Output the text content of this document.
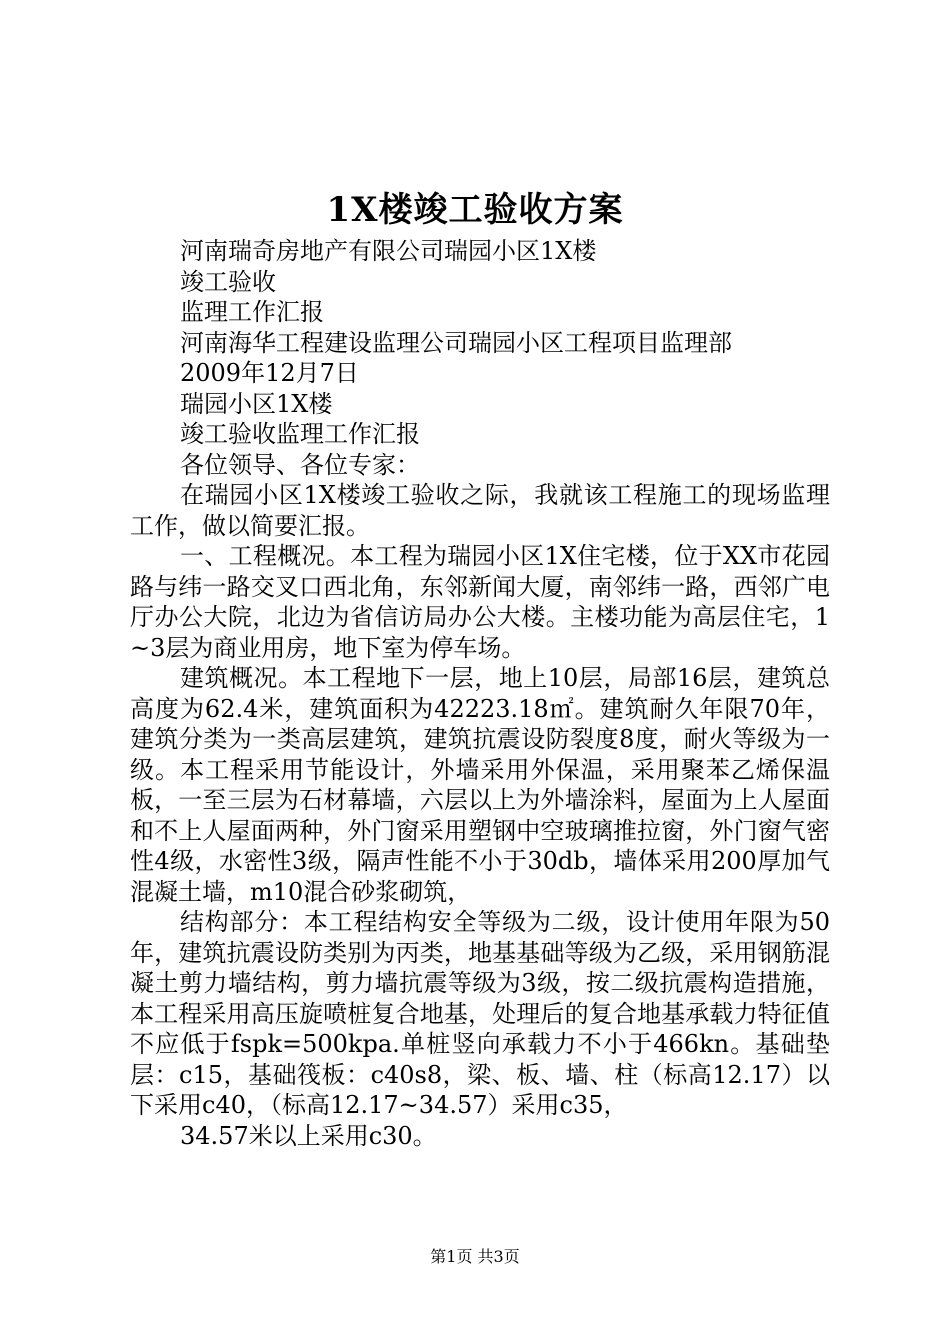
1X楼竣工验收方案

河南瑞奇房地产有限公司瑞园小区1X楼

竣工验收

监理工作汇报

河南海华工程建设监理公司瑞园小区工程项目监理部

2009年12月7日

瑞园小区1X楼

竣工验收监理工作汇报

各位领导、各位专家：

在瑞园小区1X楼竣工验收之际，我就该工程施工的现场监理工作，做以简要汇报。

一、工程概况。本工程为瑞园小区1X住宅楼，位于XX市花园路与纬一路交叉口西北角，东邻新闻大厦，南邻纬一路，西邻广电厅办公大院，北边为省信访局办公大楼。主楼功能为高层住宅，1~3层为商业用房，地下室为停车场。

建筑概况。本工程地下一层，地上10层，局部16层，建筑总高度为62.4米，建筑面积为42223.18㎡。建筑耐久年限70年，建筑分类为一类高层建筑，建筑抗震设防裂度8度，耐火等级为一级。本工程采用节能设计，外墙采用外保温，采用聚苯乙烯保温板，一至三层为石材幕墙，六层以上为外墙涂料，屋面为上人屋面和不上人屋面两种，外门窗采用塑钢中空玻璃推拉窗，外门窗气密性4级，水密性3级，隔声性能不小于30db，墙体采用200厚加气混凝土墙，m10混合砂浆砌筑，

结构部分：本工程结构安全等级为二级，设计使用年限为50年，建筑抗震设防类别为丙类，地基基础等级为乙级，采用钢筋混凝土剪力墙结构，剪力墙抗震等级为3级，按二级抗震构造措施，本工程采用高压旋喷桩复合地基，处理后的复合地基承载力特征值不应低于fspk=500kpa.单桩竖向承载力不小于466kn。基础垫层：c15，基础筏板：c40s8，梁、板、墙、柱（标高12.17）以下采用c40，（标高12.17~34.57）采用c35，

34.57米以上采用c30。

第1页 共3页
